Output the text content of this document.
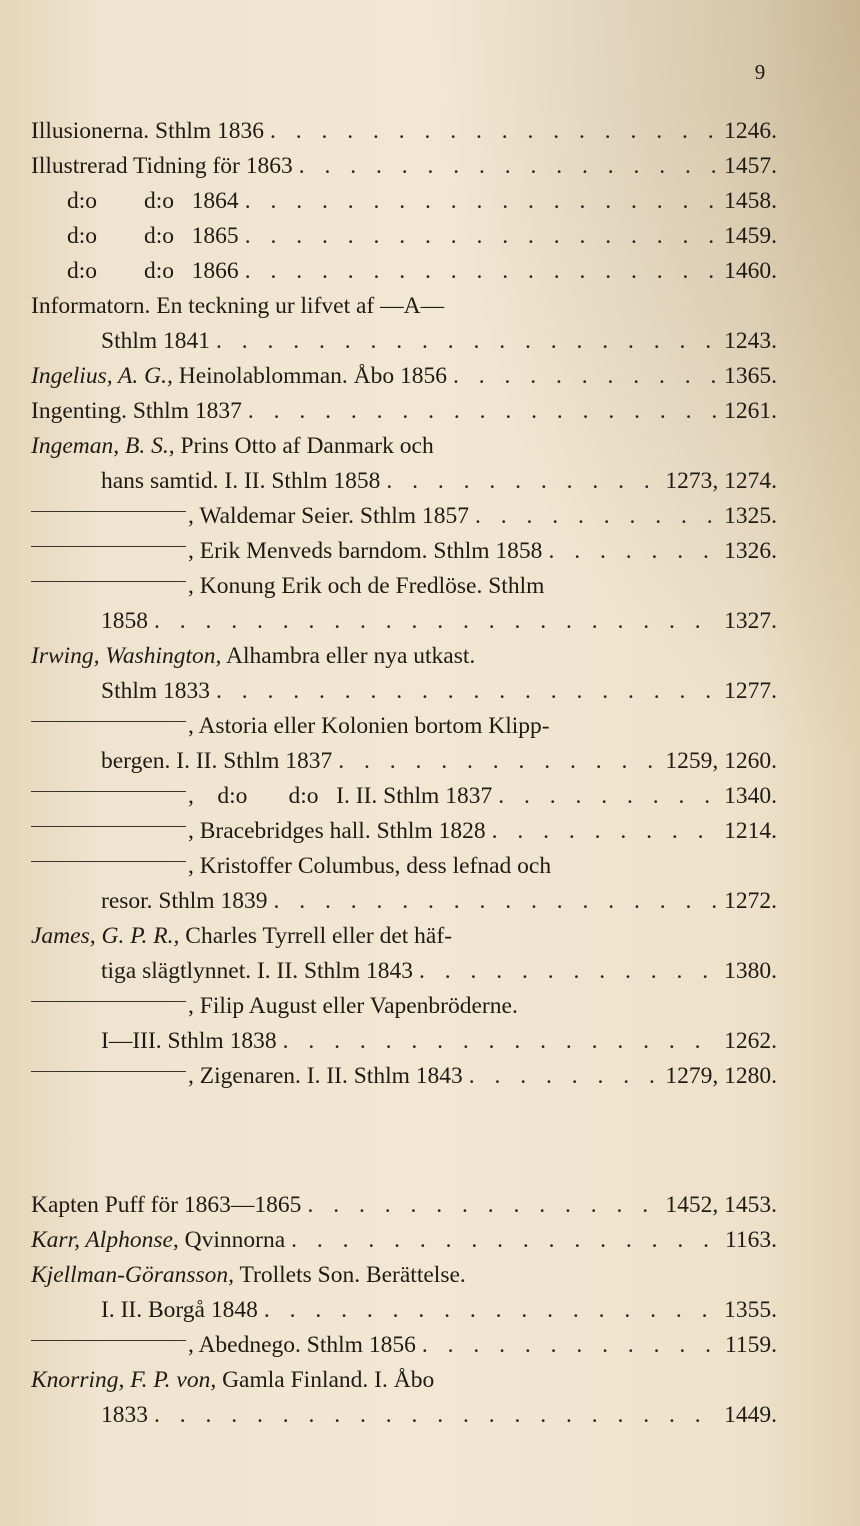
9
Illusionerna. Sthlm 1836 . . .	1246.
Illustrerad Tidning för 1863 . . .	1457.
d:o        d:o   1864 . . .	1458.
d:o        d:o   1865 . . .	1459.
d:o        d:o   1866 . . .	1460.
Informatorn. En teckning ur lifvet af —A—
Sthlm 1841 . . .	1243.
Ingelius, A. G., Heinolablomman. Åbo 1856 . . .	1365.
Ingenting. Sthlm 1837 . . .	1261.
Ingeman, B. S., Prins Otto af Danmark och
hans samtid. I. II. Sthlm 1858 . . .	1273, 1274.
, Waldemar Seier. Sthlm 1857 . . .	1325.
, Erik Menveds barndom. Sthlm 1858 . . .	1326.
, Konung Erik och de Fredlöse. Sthlm
1858 . . .	1327.
Irwing, Washington, Alhambra eller nya utkast.
Sthlm 1833 . . .	1277.
, Astoria eller Kolonien bortom Klipp-
bergen. I. II. Sthlm 1837 . . .	1259, 1260.
,    d:o       d:o   I. II. Sthlm 1837 . . .	1340.
, Bracebridges hall. Sthlm 1828 . . .	1214.
, Kristoffer Columbus, dess lefnad och
resor. Sthlm 1839 . . .	1272.
James, G. P. R., Charles Tyrrell eller det häf-
tiga slägtlynnet. I. II. Sthlm 1843 . . .	1380.
, Filip August eller Vapenbröderne.
I—III. Sthlm 1838 . . .	1262.
, Zigenaren. I. II. Sthlm 1843 . . .	1279, 1280.
Kapten Puff för 1863—1865 . . .	1452, 1453.
Karr, Alphonse, Qvinnorna . . .	1163.
Kjellman-Göransson, Trollets Son. Berättelse.
I. II. Borgå 1848 . . .	1355.
, Abednego. Sthlm 1856 . . .	1159.
Knorring, F. P. von, Gamla Finland. I. Åbo
1833 . . .	1449.
